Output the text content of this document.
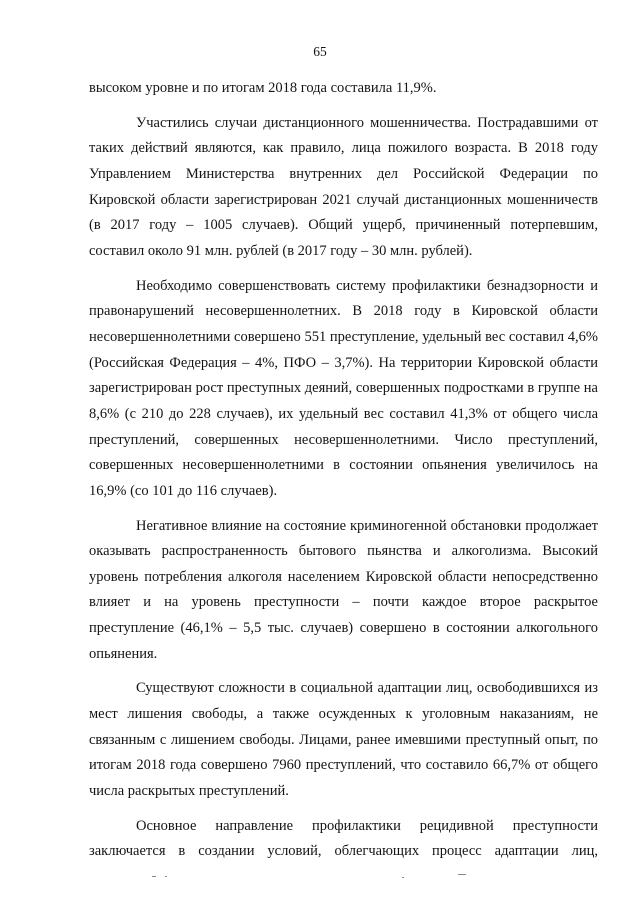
65

высоком уровне и по итогам 2018 года составила 11,9%.

Участились случаи дистанционного мошенничества. Пострадавшими от таких действий являются, как правило, лица пожилого возраста. В 2018 году Управлением Министерства внутренних дел Российской Федерации по Кировской области зарегистрирован 2021 случай дистанционных мошенничеств (в 2017 году – 1005 случаев). Общий ущерб, причиненный потерпевшим, составил около 91 млн. рублей (в 2017 году – 30 млн. рублей).

Необходимо совершенствовать систему профилактики безнадзорности и правонарушений несовершеннолетних. В 2018 году в Кировской области несовершеннолетними совершено 551 преступление, удельный вес составил 4,6% (Российская Федерация – 4%, ПФО – 3,7%). На территории Кировской области зарегистрирован рост преступных деяний, совершенных подростками в группе на 8,6% (с 210 до 228 случаев), их удельный вес составил 41,3% от общего числа преступлений, совершенных несовершеннолетними. Число преступлений, совершенных несовершеннолетними в состоянии опьянения увеличилось на 16,9% (со 101 до 116 случаев).

Негативное влияние на состояние криминогенной обстановки продолжает оказывать распространенность бытового пьянства и алкоголизма. Высокий уровень потребления алкоголя населением Кировской области непосредственно влияет и на уровень преступности – почти каждое второе раскрытое преступление (46,1% – 5,5 тыс. случаев) совершено в состоянии алкогольного опьянения.

Существуют сложности в социальной адаптации лиц, освободившихся из мест лишения свободы, а также осужденных к уголовным наказаниям, не связанным с лишением свободы. Лицами, ранее имевшими преступный опыт, по итогам 2018 года совершено 7960 преступлений, что составило 66,7% от общего числа раскрытых преступлений.

Основное направление профилактики рецидивной преступности заключается в создании условий, облегчающих процесс адаптации лиц,
